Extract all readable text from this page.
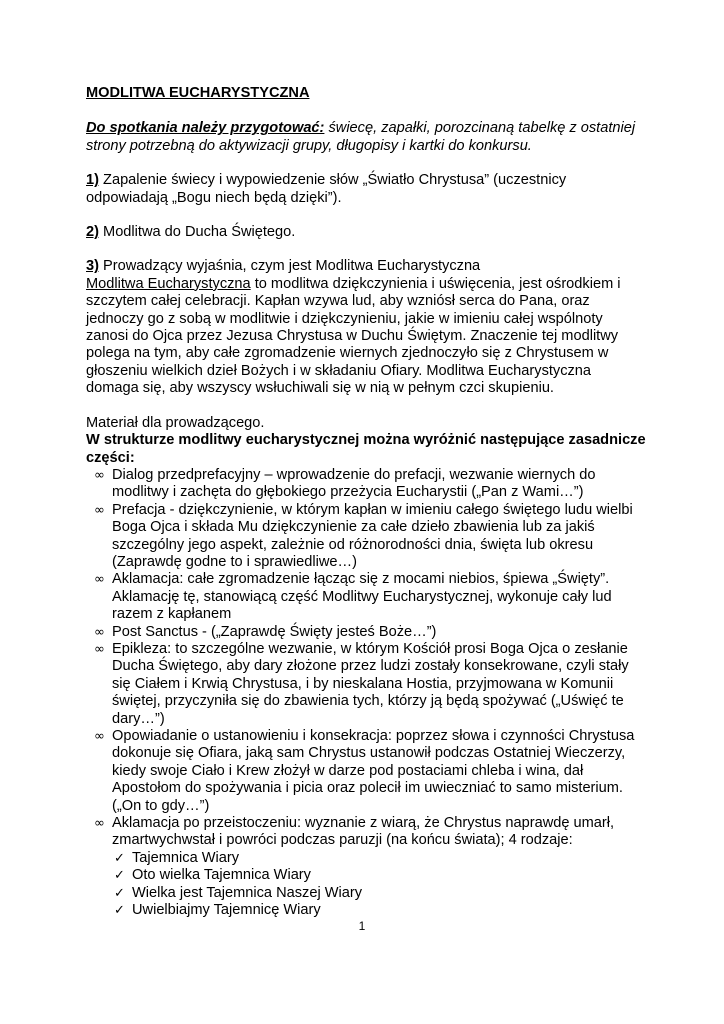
MODLITWA EUCHARYSTYCZNA

Do spotkania należy przygotować: świecę, zapałki, porozcinaną tabelkę z ostatniej strony potrzebną do aktywizacji grupy, długopisy i kartki do konkursu.

1) Zapalenie świecy i wypowiedzenie słów „Światło Chrystusa” (uczestnicy odpowiadają „Bogu niech będą dzięki”).

2) Modlitwa do Ducha Świętego.

3) Prowadzący wyjaśnia, czym jest Modlitwa Eucharystyczna

Modlitwa Eucharystyczna to modlitwa dziękczynienia i uświęcenia, jest ośrodkiem i szczytem całej celebracji. Kapłan wzywa lud, aby wzniósł serca do Pana, oraz jednoczy go z sobą w modlitwie i dziękczynieniu, jakie w imieniu całej wspólnoty zanosi do Ojca przez Jezusa Chrystusa w Duchu Świętym. Znaczenie tej modlitwy polega na tym, aby całe zgromadzenie wiernych zjednoczyło się z Chrystusem w głoszeniu wielkich dzieł Bożych i w składaniu Ofiary. Modlitwa Eucharystyczna domaga się, aby wszyscy wsłuchiwali się w nią w pełnym czci skupieniu.

Materiał dla prowadzącego.

W strukturze modlitwy eucharystycznej można wyróżnić następujące zasadnicze części:

∞ Dialog przedprefacyjny – wprowadzenie do prefacji, wezwanie wiernych do modlitwy i zachęta do głębokiego przeżycia Eucharystii („Pan z Wami…”)
∞ Prefacja - dziękczynienie, w którym kapłan w imieniu całego świętego ludu wielbi Boga Ojca i składa Mu dziękczynienie za całe dzieło zbawienia lub za jakiś szczególny jego aspekt, zależnie od różnorodności dnia, święta lub okresu (Zaprawdę godne to i sprawiedliwe…)
∞ Aklamacja: całe zgromadzenie łącząc się z mocami niebios, śpiewa „Święty”. Aklamację tę, stanowiącą część Modlitwy Eucharystycznej, wykonuje cały lud razem z kapłanem
∞ Post Sanctus - („Zaprawdę Święty jesteś Boże…”)
∞ Epikleza: to szczególne wezwanie, w którym Kościół prosi Boga Ojca o zesłanie Ducha Świętego, aby dary złożone przez ludzi zostały konsekrowane, czyli stały się Ciałem i Krwią Chrystusa, i by nieskalana Hostia, przyjmowana w Komunii świętej, przyczyniła się do zbawienia tych, którzy ją będą spożywać („Uświęć te dary…”)
∞ Opowiadanie o ustanowieniu i konsekracja: poprzez słowa i czynności Chrystusa dokonuje się Ofiara, jaką sam Chrystus ustanowił podczas Ostatniej Wieczerzy, kiedy swoje Ciało i Krew złożył w darze pod postaciami chleba i wina, dał Apostołom do spożywania i picia oraz polecił im uwieczniać to samo misterium. („On to gdy…”)
∞ Aklamacja po przeistoczeniu: wyznanie z wiarą, że Chrystus naprawdę umarł, zmartwychwstał i powróci podczas paruzji (na końcu świata); 4 rodzaje:
✓ Tajemnica Wiary
✓ Oto wielka Tajemnica Wiary
✓ Wielka jest Tajemnica Naszej Wiary
✓ Uwielbiajmy Tajemnicę Wiary
1
